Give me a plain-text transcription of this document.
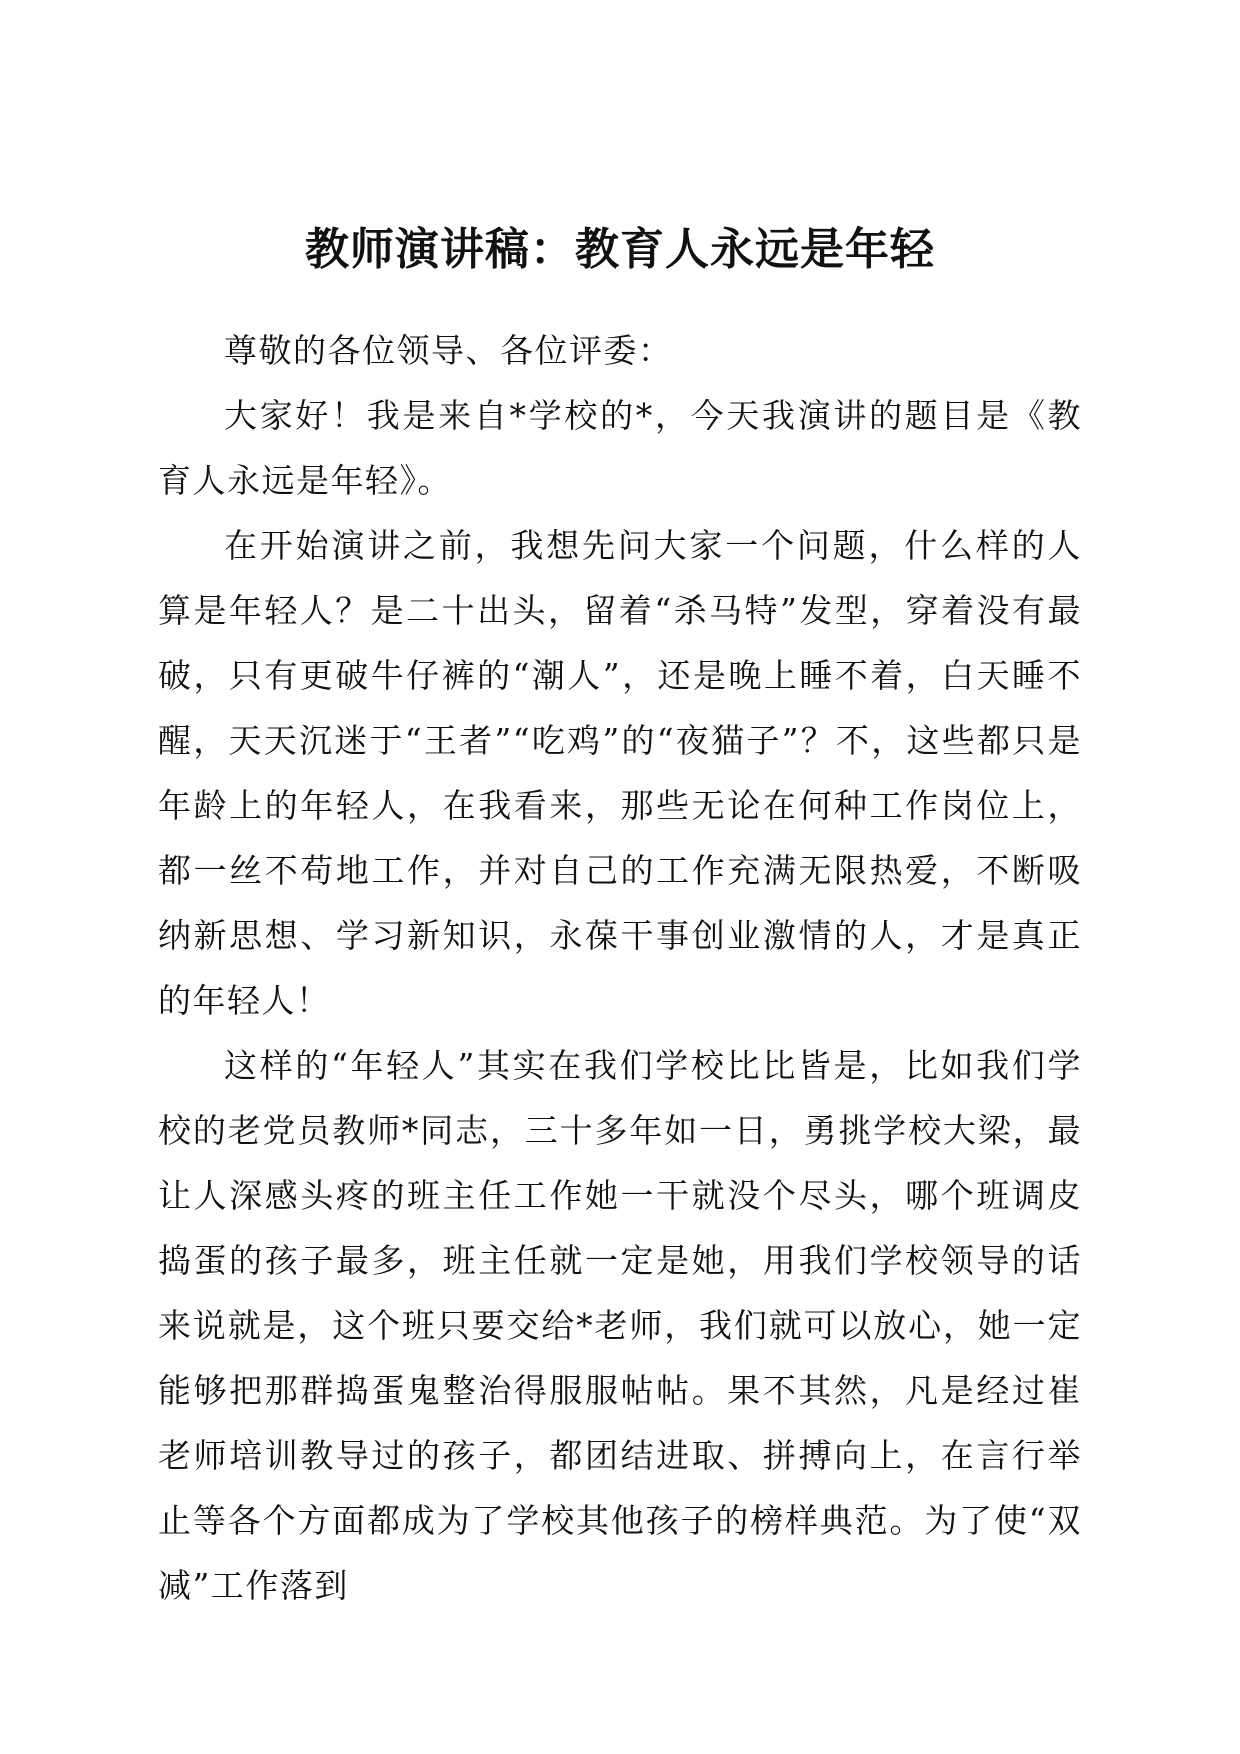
教师演讲稿：教育人永远是年轻

尊敬的各位领导、各位评委：

大家好！我是来自*学校的*，今天我演讲的题目是《教育人永远是年轻》。

在开始演讲之前，我想先问大家一个问题，什么样的人算是年轻人？是二十出头，留着“杀马特”发型，穿着没有最破，只有更破牛仔裤的“潮人”，还是晚上睡不着，白天睡不醒，天天沉迷于“王者”“吃鸡”的“夜猫子”？不，这些都只是年龄上的年轻人，在我看来，那些无论在何种工作岗位上，都一丝不苟地工作，并对自己的工作充满无限热爱，不断吸纳新思想、学习新知识，永葆干事创业激情的人，才是真正的年轻人！

这样的“年轻人”其实在我们学校比比皆是，比如我们学校的老党员教师*同志，三十多年如一日，勇挑学校大梁，最让人深感头疼的班主任工作她一干就没个尽头，哪个班调皮捣蛋的孩子最多，班主任就一定是她，用我们学校领导的话来说就是，这个班只要交给*老师，我们就可以放心，她一定能够把那群捣蛋鬼整治得服服帖帖。果不其然，凡是经过崔老师培训教导过的孩子，都团结进取、拼搏向上，在言行举止等各个方面都成为了学校其他孩子的榜样典范。为了使“双减”工作落到
